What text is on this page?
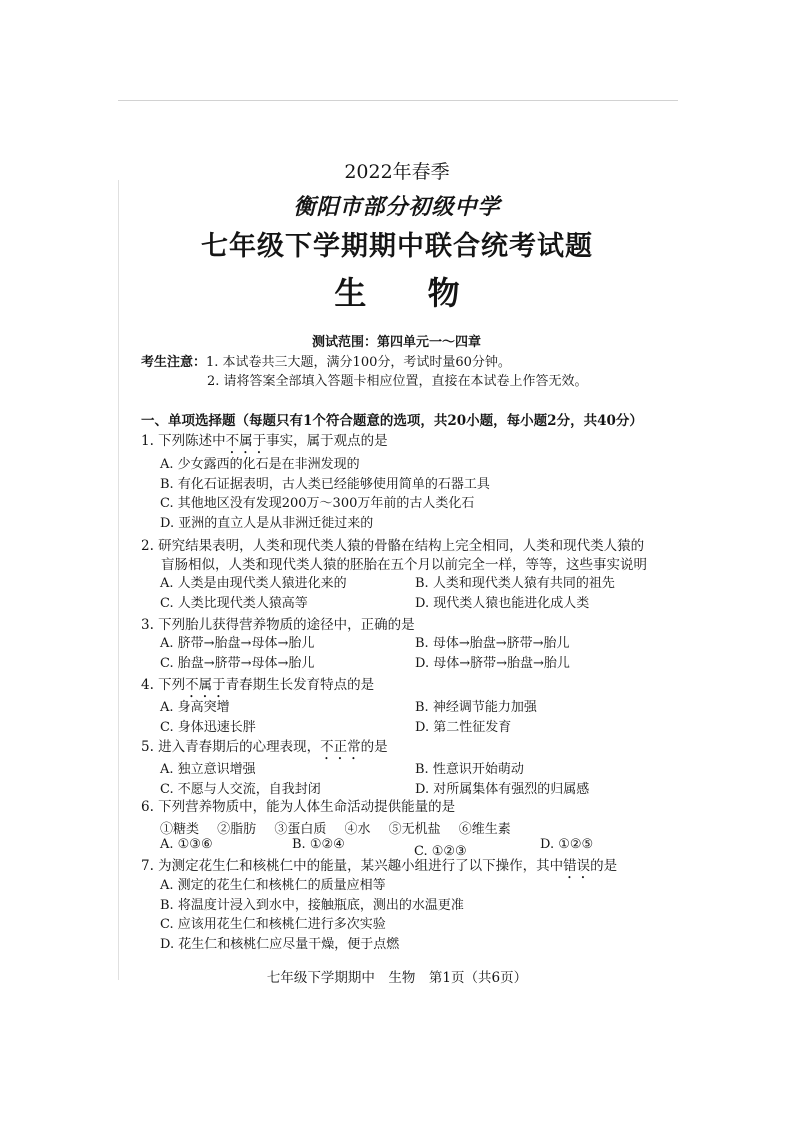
2022年春季
衡阳市部分初级中学
七年级下学期期中联合统考试题
生 物
测试范围：第四单元一～四章
考生注意：1. 本试卷共三大题，满分100分，考试时量60分钟。
2. 请将答案全部填入答题卡相应位置，直接在本试卷上作答无效。
一、单项选择题（每题只有1个符合题意的选项，共20小题，每小题2分，共40分）
1. 下列陈述中不属于事实，属于观点的是
A. 少女露西的化石是在非洲发现的
B. 有化石证据表明，古人类已经能够使用简单的石器工具
C. 其他地区没有发现200万～300万年前的古人类化石
D. 亚洲的直立人是从非洲迁徙过来的
2. 研究结果表明，人类和现代类人猿的骨骼在结构上完全相同，人类和现代类人猿的
盲肠相似，人类和现代类人猿的胚胎在五个月以前完全一样，等等，这些事实说明
A. 人类是由现代类人猿进化来的	B. 人类和现代类人猿有共同的祖先
C. 人类比现代类人猿高等	D. 现代类人猿也能进化成人类
3. 下列胎儿获得营养物质的途径中，正确的是
A. 脐带→胎盘→母体→胎儿	B. 母体→胎盘→脐带→胎儿
C. 胎盘→脐带→母体→胎儿	D. 母体→脐带→胎盘→胎儿
4. 下列不属于青春期生长发育特点的是
A. 身高突增	B. 神经调节能力加强
C. 身体迅速长胖	D. 第二性征发育
5. 进入青春期后的心理表现，不正常的是
A. 独立意识增强	B. 性意识开始萌动
C. 不愿与人交流，自我封闭	D. 对所属集体有强烈的归属感
6. 下列营养物质中，能为人体生命活动提供能量的是
①糖类 ②脂肪 ③蛋白质 ④水 ⑤无机盐 ⑥维生素
A. ①③⑥	B. ①②④	C. ①②③	D. ①②⑤
7. 为测定花生仁和核桃仁中的能量，某兴趣小组进行了以下操作，其中错误的是
A. 测定的花生仁和核桃仁的质量应相等
B. 将温度计浸入到水中，接触瓶底，测出的水温更准
C. 应该用花生仁和核桃仁进行多次实验
D. 花生仁和核桃仁应尽量干燥，便于点燃
七年级下学期期中　生物　第1页（共6页）
